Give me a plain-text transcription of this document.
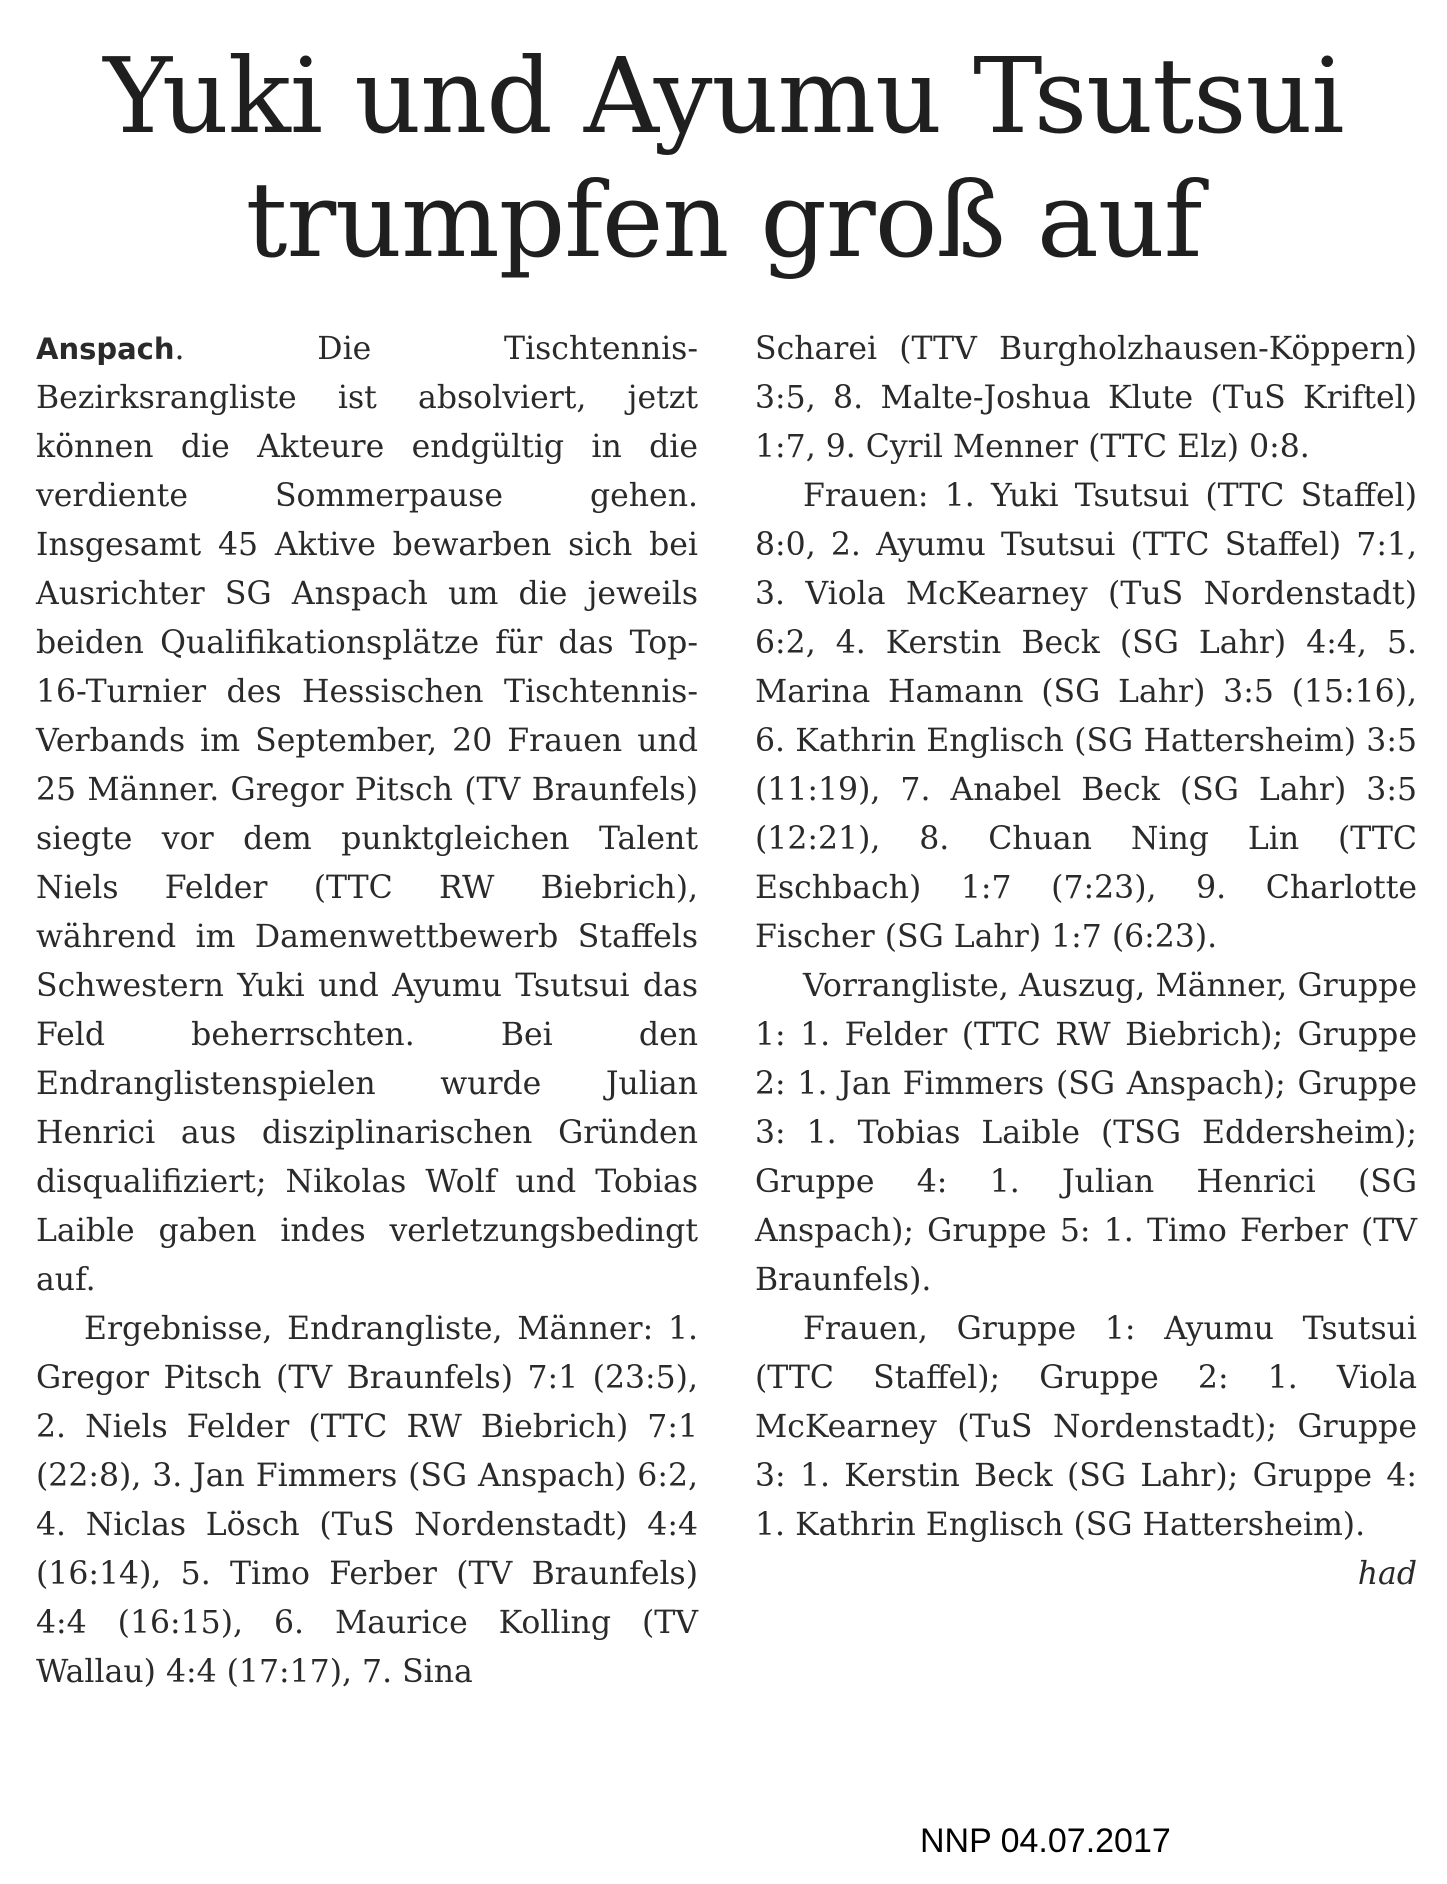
Yuki und Ayumu Tsutsui
trumpfen groß auf

Anspach. Die Tischtennis-Bezirksrangliste ist absolviert, jetzt können die Akteure endgültig in die verdiente Sommerpause gehen. Insgesamt 45 Aktive bewarben sich bei Ausrichter SG Anspach um die jeweils beiden Qualifikationsplätze für das Top-16-Turnier des Hessischen Tischtennis-Verbands im September, 20 Frauen und 25 Männer. Gregor Pitsch (TV Braunfels) siegte vor dem punktgleichen Talent Niels Felder (TTC RW Biebrich), während im Damenwettbewerb Staffels Schwestern Yuki und Ayumu Tsutsui das Feld beherrschten. Bei den Endranglistenspielen wurde Julian Henrici aus disziplinarischen Gründen disqualifiziert; Nikolas Wolf und Tobias Laible gaben indes verletzungsbedingt auf.

Ergebnisse, Endrangliste, Männer: 1. Gregor Pitsch (TV Braunfels) 7:1 (23:5), 2. Niels Felder (TTC RW Biebrich) 7:1 (22:8), 3. Jan Fimmers (SG Anspach) 6:2, 4. Niclas Lösch (TuS Nordenstadt) 4:4 (16:14), 5. Timo Ferber (TV Braunfels) 4:4 (16:15), 6. Maurice Kolling (TV Wallau) 4:4 (17:17), 7. Sina

Scharei (TTV Burgholzhausen-Köppern) 3:5, 8. Malte-Joshua Klute (TuS Kriftel) 1:7, 9. Cyril Menner (TTC Elz) 0:8.

Frauen: 1. Yuki Tsutsui (TTC Staffel) 8:0, 2. Ayumu Tsutsui (TTC Staffel) 7:1, 3. Viola McKearney (TuS Nordenstadt) 6:2, 4. Kerstin Beck (SG Lahr) 4:4, 5. Marina Hamann (SG Lahr) 3:5 (15:16), 6. Kathrin Englisch (SG Hattersheim) 3:5 (11:19), 7. Anabel Beck (SG Lahr) 3:5 (12:21), 8. Chuan Ning Lin (TTC Eschbach) 1:7 (7:23), 9. Charlotte Fischer (SG Lahr) 1:7 (6:23).

Vorrangliste, Auszug, Männer, Gruppe 1: 1. Felder (TTC RW Biebrich); Gruppe 2: 1. Jan Fimmers (SG Anspach); Gruppe 3: 1. Tobias Laible (TSG Eddersheim); Gruppe 4: 1. Julian Henrici (SG Anspach); Gruppe 5: 1. Timo Ferber (TV Braunfels).

Frauen, Gruppe 1: Ayumu Tsutsui (TTC Staffel); Gruppe 2: 1. Viola McKearney (TuS Nordenstadt); Gruppe 3: 1. Kerstin Beck (SG Lahr); Gruppe 4: 1. Kathrin Englisch (SG Hattersheim).
had

NNP 04.07.2017
